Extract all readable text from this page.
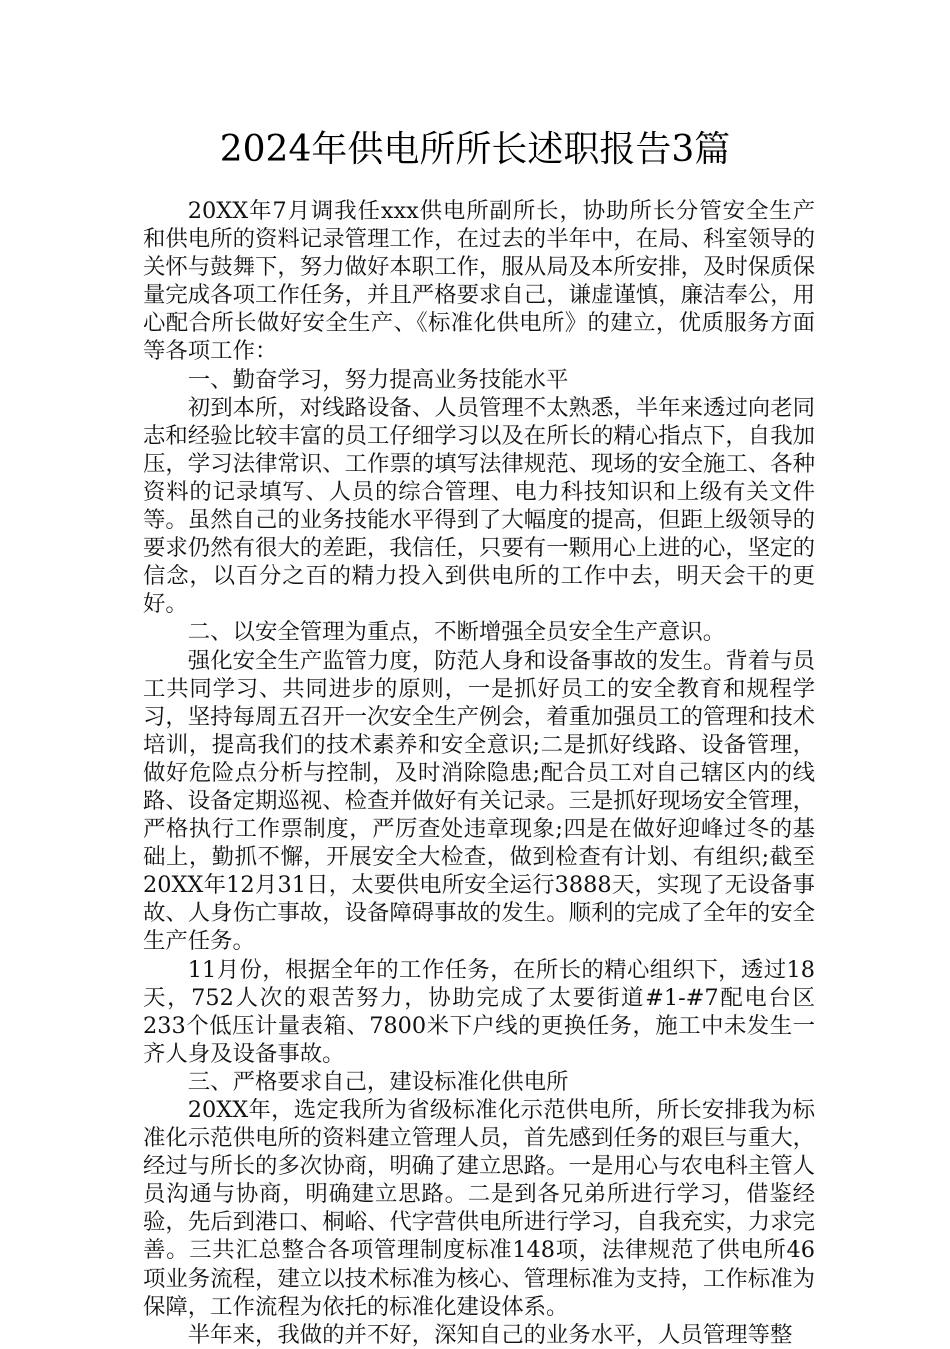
2024年供电所所长述职报告3篇

20XX年7月调我任xxx供电所副所长，协助所长分管安全生产和供电所的资料记录管理工作，在过去的半年中，在局、科室领导的关怀与鼓舞下，努力做好本职工作，服从局及本所安排，及时保质保量完成各项工作任务，并且严格要求自己，谦虚谨慎，廉洁奉公，用心配合所长做好安全生产、《标准化供电所》的建立，优质服务方面等各项工作：

一、勤奋学习，努力提高业务技能水平

初到本所，对线路设备、人员管理不太熟悉，半年来透过向老同志和经验比较丰富的员工仔细学习以及在所长的精心指点下，自我加压，学习法律常识、工作票的填写法律规范、现场的安全施工、各种资料的记录填写、人员的综合管理、电力科技知识和上级有关文件等。虽然自己的业务技能水平得到了大幅度的提高，但距上级领导的要求仍然有很大的差距，我信任，只要有一颗用心上进的心，坚定的信念，以百分之百的精力投入到供电所的工作中去，明天会干的更好。

二、以安全管理为重点，不断增强全员安全生产意识。

强化安全生产监管力度，防范人身和设备事故的发生。背着与员工共同学习、共同进步的原则，一是抓好员工的安全教育和规程学习，坚持每周五召开一次安全生产例会，着重加强员工的管理和技术培训，提高我们的技术素养和安全意识;二是抓好线路、设备管理，做好危险点分析与控制，及时消除隐患;配合员工对自己辖区内的线路、设备定期巡视、检查并做好有关记录。三是抓好现场安全管理，严格执行工作票制度，严厉查处违章现象;四是在做好迎峰过冬的基础上，勤抓不懈，开展安全大检查，做到检查有计划、有组织;截至20XX年12月31日，太要供电所安全运行3888天，实现了无设备事故、人身伤亡事故，设备障碍事故的发生。顺利的完成了全年的安全生产任务。

11月份，根据全年的工作任务，在所长的精心组织下，透过18天，752人次的艰苦努力，协助完成了太要街道#1-#7配电台区233个低压计量表箱、7800米下户线的更换任务，施工中未发生一齐人身及设备事故。

三、严格要求自己，建设标准化供电所

20XX年，选定我所为省级标准化示范供电所，所长安排我为标准化示范供电所的资料建立管理人员，首先感到任务的艰巨与重大，经过与所长的多次协商，明确了建立思路。一是用心与农电科主管人员沟通与协商，明确建立思路。二是到各兄弟所进行学习，借鉴经验，先后到港口、桐峪、代字营供电所进行学习，自我充实，力求完善。三共汇总整合各项管理制度标准148项，法律规范了供电所46项业务流程，建立以技术标准为核心、管理标准为支持，工作标准为保障，工作流程为依托的标准化建设体系。

半年来，我做的并不好，深知自己的业务水平，人员管理等整
